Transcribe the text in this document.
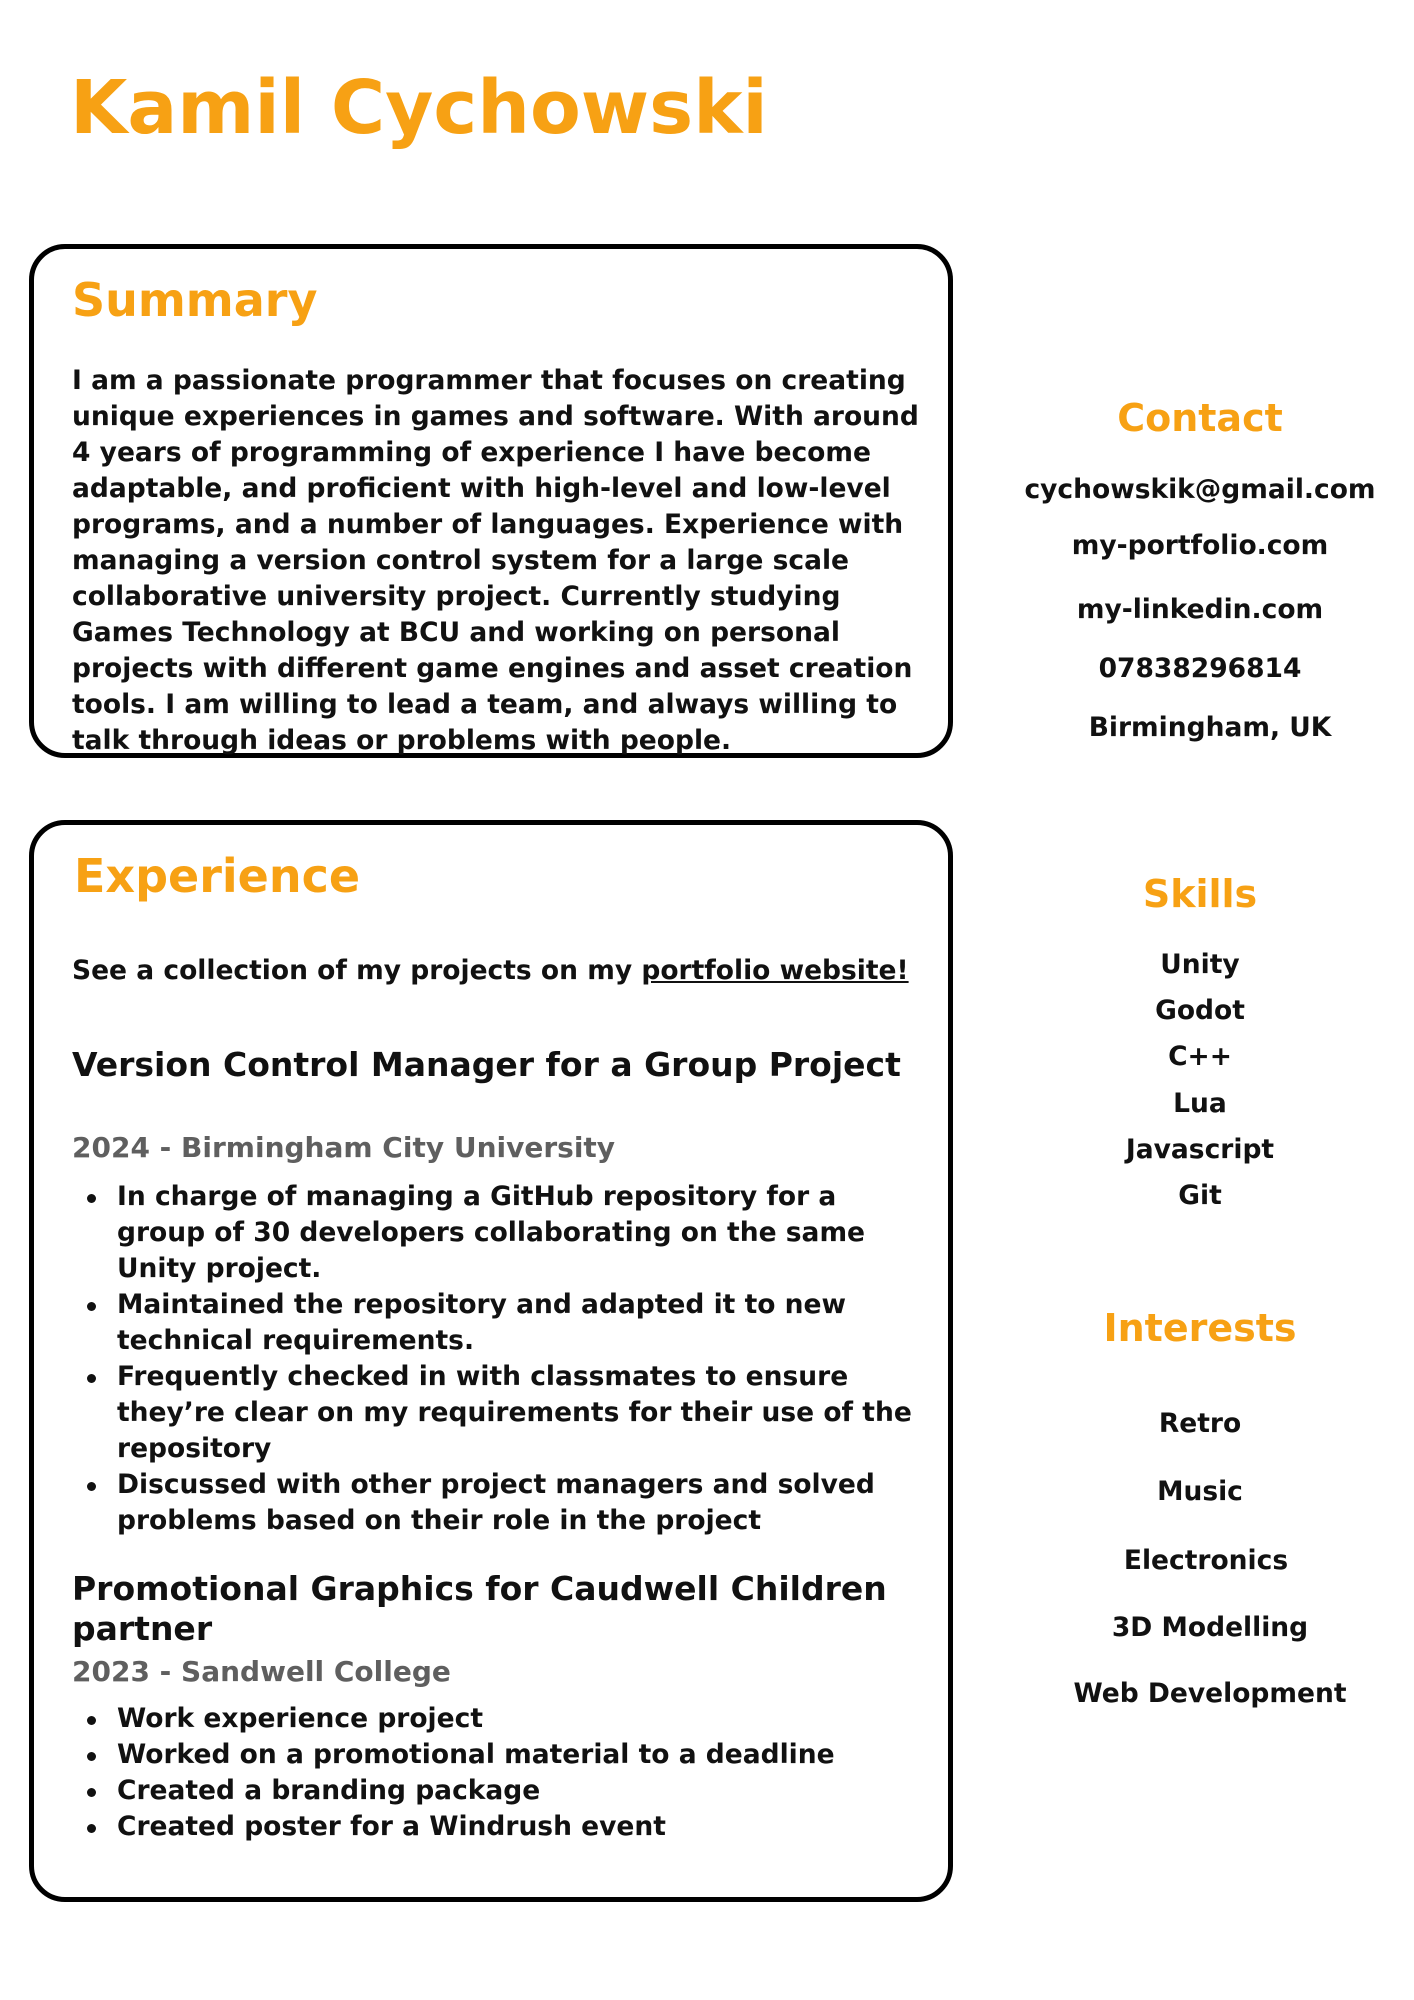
Kamil Cychowski
Summary

I am a passionate programmer that focuses on creating unique experiences in games and software. With around 4 years of programming of experience I have become adaptable, and proficient with high-level and low-level programs, and a number of languages. Experience with managing a version control system for a large scale collaborative university project. Currently studying Games Technology at BCU and working on personal projects with different game engines and asset creation tools. I am willing to lead a team, and always willing to talk through ideas or problems with people.

Experience

See a collection of my projects on my portfolio website!

Version Control Manager for a Group Project

2024 - Birmingham City University

In charge of managing a GitHub repository for a group of 30 developers collaborating on the same Unity project.
Maintained the repository and adapted it to new technical requirements.
Frequently checked in with classmates to ensure they’re clear on my requirements for their use of the repository
Discussed with other project managers and solved problems based on their role in the project
Promotional Graphics for Caudwell Children partner

2023 - Sandwell College

Work experience project
Worked on a promotional material to a deadline
Created a branding package
Created poster for a Windrush event
Contact
cychowskik@gmail.com
my-portfolio.com
my-linkedin.com
07838296814
Birmingham, UK
Skills
Unity
Godot
C++
Lua
Javascript
Git
Interests
Retro
Music
Electronics
3D Modelling
Web Development
